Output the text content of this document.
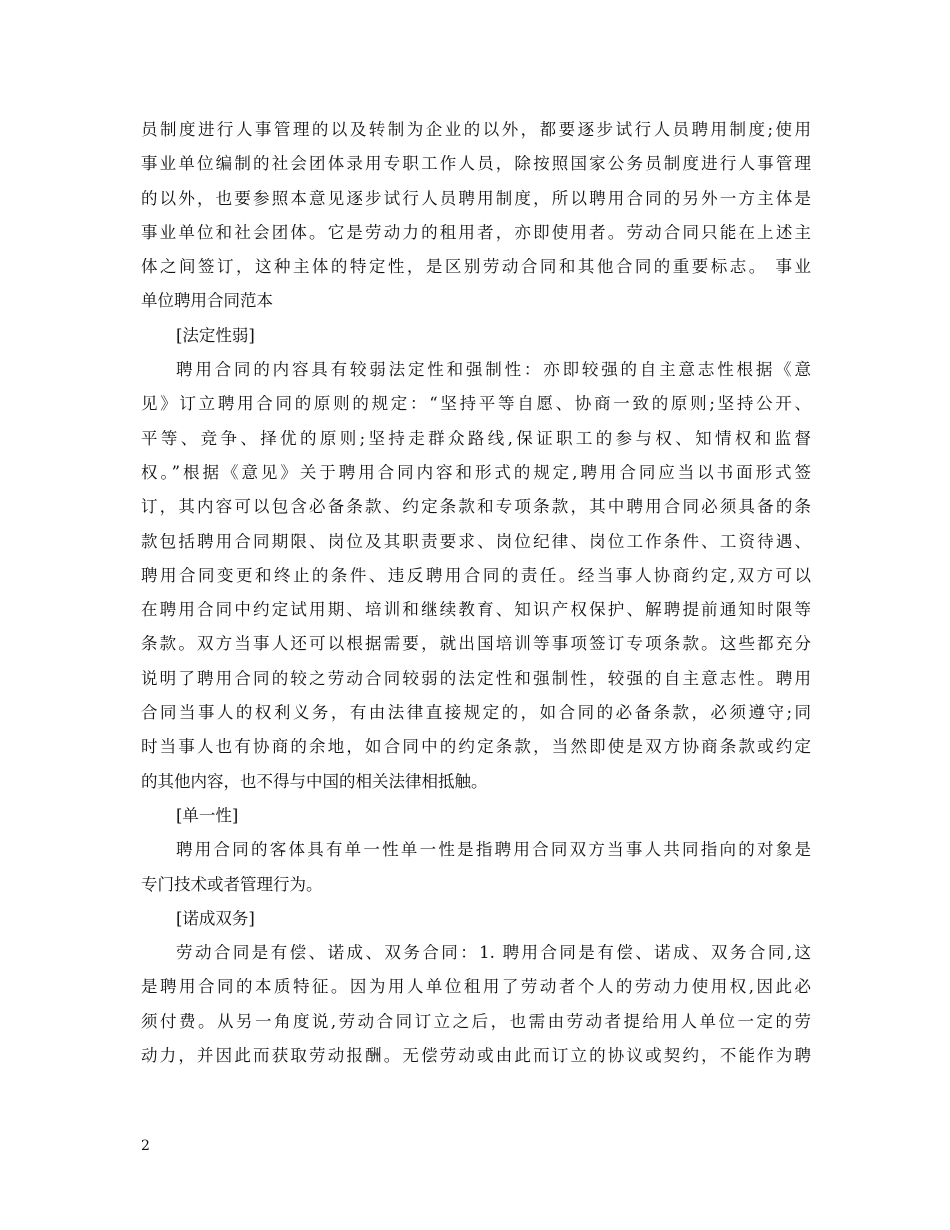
员制度进行人事管理的以及转制为企业的以外，都要逐步试行人员聘用制度;使用
事业单位编制的社会团体录用专职工作人员，除按照国家公务员制度进行人事管理
的以外，也要参照本意见逐步试行人员聘用制度，所以聘用合同的另外一方主体是
事业单位和社会团体。它是劳动力的租用者，亦即使用者。劳动合同只能在上述主
体之间签订，这种主体的特定性，是区别劳动合同和其他合同的重要标志。 事业
单位聘用合同范本
[法定性弱]
聘用合同的内容具有较弱法定性和强制性：亦即较强的自主意志性根据《意
见》订立聘用合同的原则的规定：“坚持平等自愿、协商一致的原则;坚持公开、
平等、竞争、择优的原则;坚持走群众路线,保证职工的参与权、知情权和监督
权。”根据《意见》关于聘用合同内容和形式的规定,聘用合同应当以书面形式签
订，其内容可以包含必备条款、约定条款和专项条款，其中聘用合同必须具备的条
款包括聘用合同期限、岗位及其职责要求、岗位纪律、岗位工作条件、工资待遇、
聘用合同变更和终止的条件、违反聘用合同的责任。经当事人协商约定,双方可以
在聘用合同中约定试用期、培训和继续教育、知识产权保护、解聘提前通知时限等
条款。双方当事人还可以根据需要，就出国培训等事项签订专项条款。这些都充分
说明了聘用合同的较之劳动合同较弱的法定性和强制性，较强的自主意志性。聘用
合同当事人的权利义务，有由法律直接规定的，如合同的必备条款，必须遵守;同
时当事人也有协商的余地，如合同中的约定条款，当然即使是双方协商条款或约定
的其他内容，也不得与中国的相关法律相抵触。
[单一性]
聘用合同的客体具有单一性单一性是指聘用合同双方当事人共同指向的对象是
专门技术或者管理行为。
[诺成双务]
劳动合同是有偿、诺成、双务合同：1. 聘用合同是有偿、诺成、双务合同,这
是聘用合同的本质特征。因为用人单位租用了劳动者个人的劳动力使用权,因此必
须付费。从另一角度说,劳动合同订立之后，也需由劳动者提给用人单位一定的劳
动力，并因此而获取劳动报酬。无偿劳动或由此而订立的协议或契约，不能作为聘
2
